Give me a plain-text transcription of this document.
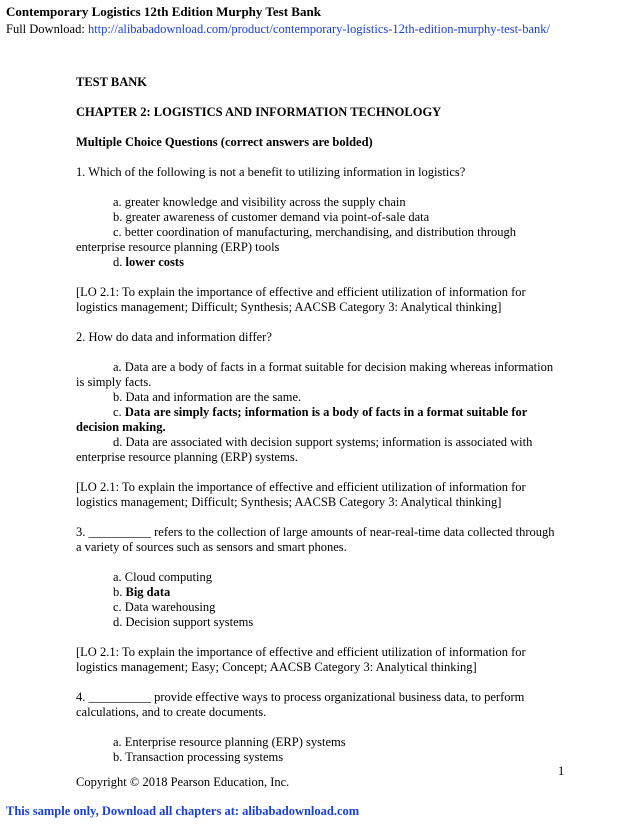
Contemporary Logistics 12th Edition Murphy Test Bank
Full Download: http://alibabadownload.com/product/contemporary-logistics-12th-edition-murphy-test-bank/
TEST BANK
CHAPTER 2: LOGISTICS AND INFORMATION TECHNOLOGY
Multiple Choice Questions (correct answers are bolded)
1. Which of the following is not a benefit to utilizing information in logistics?
a. greater knowledge and visibility across the supply chain
b. greater awareness of customer demand via point-of-sale data
c. better coordination of manufacturing, merchandising, and distribution through
enterprise resource planning (ERP) tools
d. lower costs
[LO 2.1: To explain the importance of effective and efficient utilization of information for
logistics management; Difficult; Synthesis; AACSB Category 3: Analytical thinking]
2. How do data and information differ?
a. Data are a body of facts in a format suitable for decision making whereas information
is simply facts.
b. Data and information are the same.
c. Data are simply facts; information is a body of facts in a format suitable for
decision making.
d. Data are associated with decision support systems; information is associated with
enterprise resource planning (ERP) systems.
[LO 2.1: To explain the importance of effective and efficient utilization of information for
logistics management; Difficult; Synthesis; AACSB Category 3: Analytical thinking]
3. __________ refers to the collection of large amounts of near-real-time data collected through
a variety of sources such as sensors and smart phones.
a. Cloud computing
b. Big data
c. Data warehousing
d. Decision support systems
[LO 2.1: To explain the importance of effective and efficient utilization of information for
logistics management; Easy; Concept; AACSB Category 3: Analytical thinking]
4. __________ provide effective ways to process organizational business data, to perform
calculations, and to create documents.
a. Enterprise resource planning (ERP) systems
b. Transaction processing systems
1
Copyright © 2018 Pearson Education, Inc.
This sample only, Download all chapters at: alibabadownload.com
